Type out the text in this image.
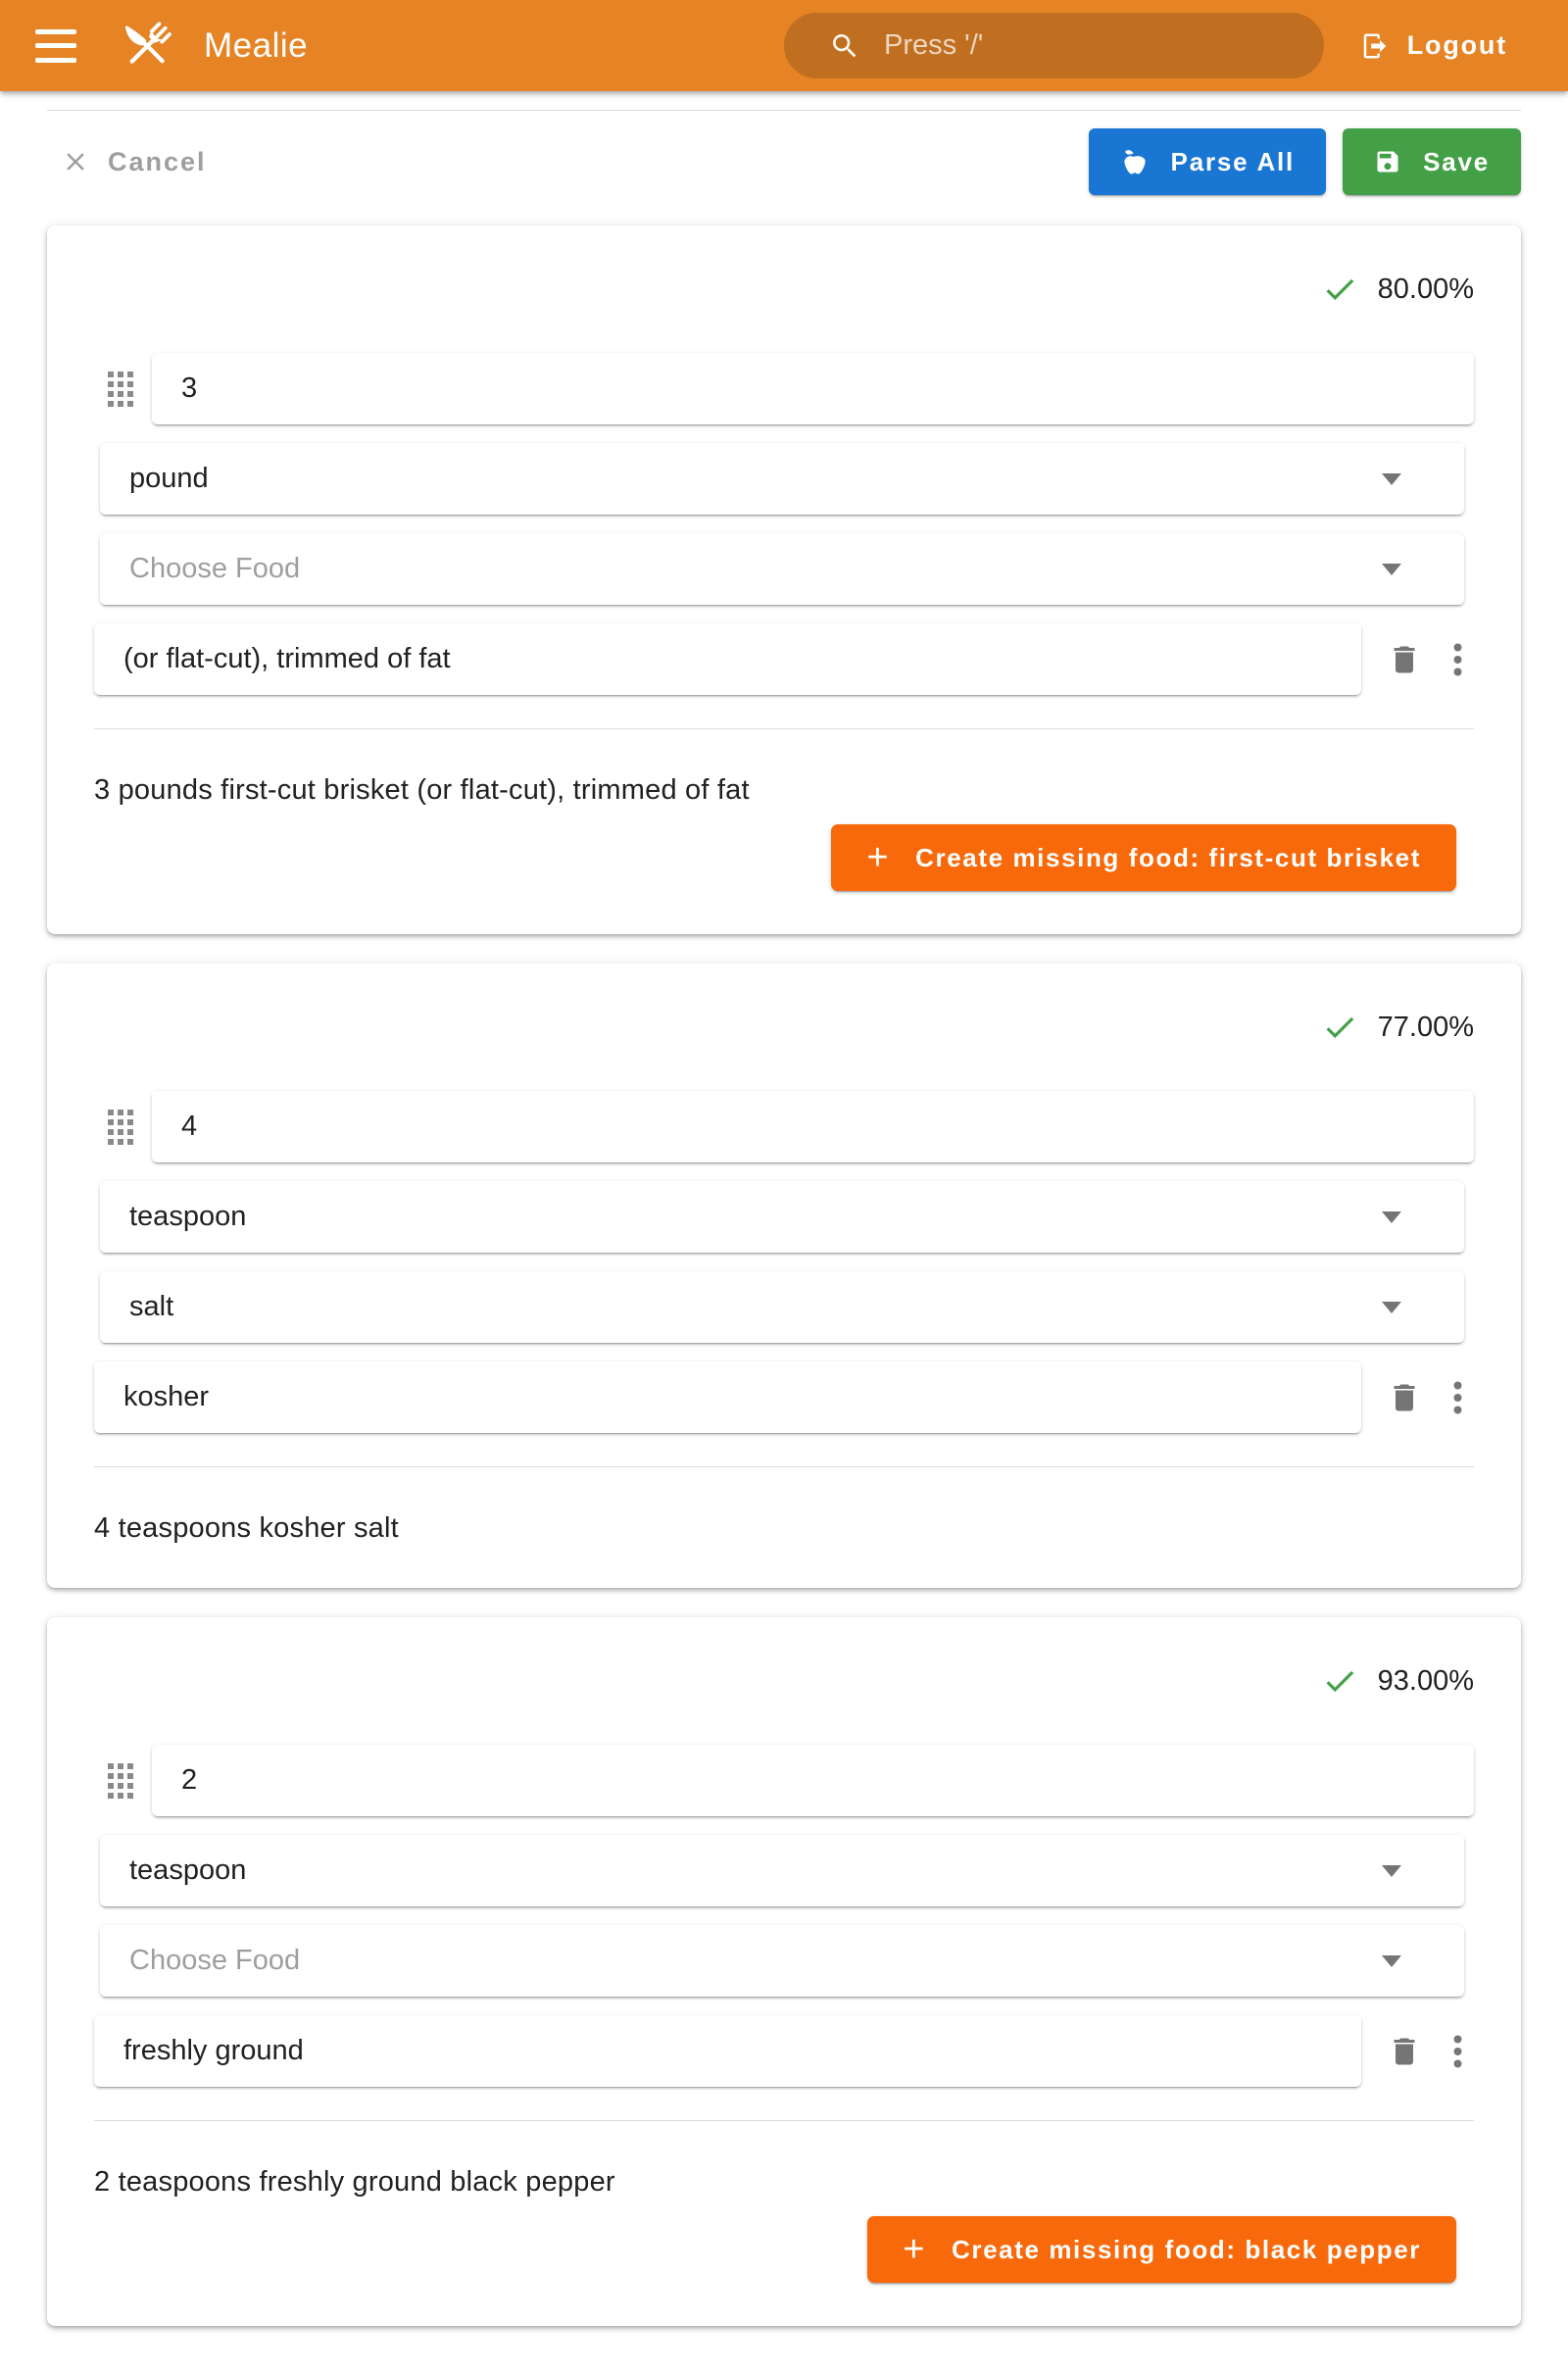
Mealie	Press '/'	Logout
Cancel	Parse All	Save
80.00%
3
pound
Choose Food
(or flat-cut), trimmed of fat

3 pounds first-cut brisket (or flat-cut), trimmed of fat

+
Create missing food: first-cut brisket
77.00%
4
teaspoon
salt
kosher

4 teaspoons kosher salt

93.00%
2
teaspoon
Choose Food
freshly ground

2 teaspoons freshly ground black pepper

+
Create missing food: black pepper
